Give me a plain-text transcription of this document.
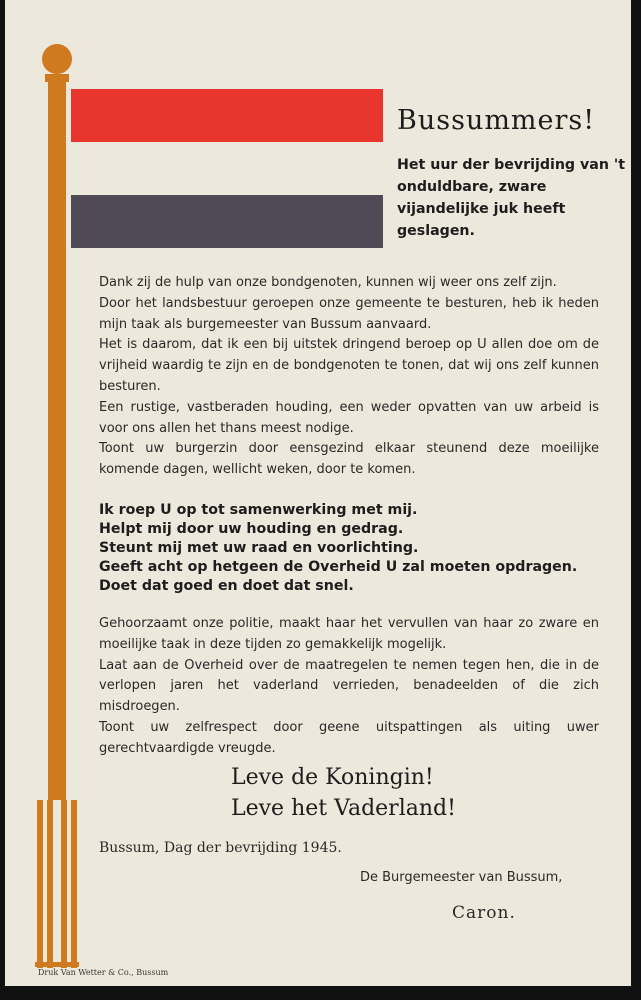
Bussummers!

Het uur der bevrijding van 't onduldbare, zware vijandelijke juk heeft geslagen.

Dank zij de hulp van onze bondgenoten, kunnen wij weer ons zelf zijn.

Door het landsbestuur geroepen onze gemeente te besturen, heb ik heden mijn taak als burgemeester van Bussum aanvaard.

Het is daarom, dat ik een bij uitstek dringend beroep op U allen doe om de vrijheid waardig te zijn en de bondgenoten te tonen, dat wij ons zelf kunnen besturen.

Een rustige, vastberaden houding, een weder opvatten van uw arbeid is voor ons allen het thans meest nodige.

Toont uw burgerzin door eensgezind elkaar steunend deze moeilijke komende dagen, wellicht weken, door te komen.

Ik roep U op tot samenwerking met mij.

Helpt mij door uw houding en gedrag.

Steunt mij met uw raad en voorlichting.

Geeft acht op hetgeen de Overheid U zal moeten opdragen.

Doet dat goed en doet dat snel.

Gehoorzaamt onze politie, maakt haar het vervullen van haar zo zware en moeilijke taak in deze tijden zo gemakkelijk mogelijk.

Laat aan de Overheid over de maatregelen te nemen tegen hen, die in de verlopen jaren het vaderland verrieden, benadeelden of die zich misdroegen.

Toont uw zelfrespect door geene uitspattingen als uiting uwer gerechtvaardigde vreugde.

Leve de Koningin!

Leve het Vaderland!

Bussum, Dag der bevrijding 1945.

De Burgemeester van Bussum,

Caron.

Druk Van Wetter & Co., Bussum
